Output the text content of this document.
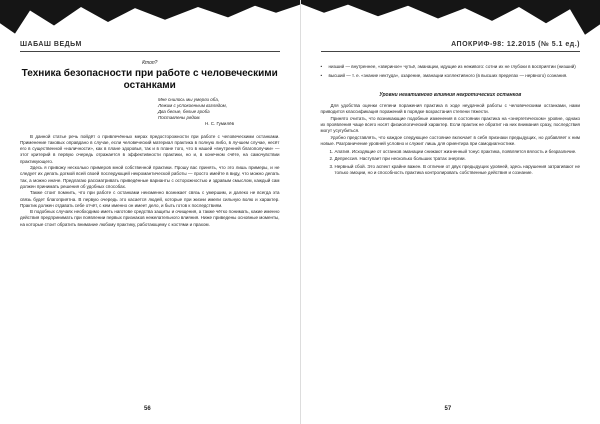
ШАБАШ ВЕДЬМ
Ктоп?
Техника безопасности при работе с человеческими останками
Мне снилось мы умерли оба,
Лежим с успокоенным взглядом,
Два белые, белые гроба
Поставлены рядом.
Н. С. Гумилёв

В данной статье речь пойдёт о привлечённых мерах предосторожности при работе с человеческими останками. Применение таковых оправдано в случае, если человеческий материал практика в полную либо, в лучшем случае, несёт его в существенной «наличности», как в плане здоровья, так и в плане того, что в нашей «внутренней благополучии» — этот критерий в первую очередь отражается в эффективности практики, но и, в конечном счёте, на самочувствии практикующего.

Здесь я привожу несколько примеров мной собственной практики. Прошу вас принять, что это лишь примеры, и не следует их делать догмой всей своей последующей некромантической работы — просто имейте в виду, что можно делать так, а можно иначе. Предлагаю рассматривать приведённые варианты с осторожностью и здравым смыслом, каждый сам должен принимать решения об удобных способах.

Также стоит помнить, что при работе с останками неизменно возникает связь с умершим, и далеко не всегда эта связь будет благоприятна. В первую очередь это касается людей, которые при жизни имели сильную волю и характер. Практик должен отдавать себе отчёт, с кем именно он имеет дело, и быть готов к последствиям.

В подобных случаях необходимо иметь наготове средства защиты и очищения, а также чётко понимать, какие именно действия предпринимать при появлении первых признаков нежелательного влияния. Ниже приведены основные моменты, на которые стоит обратить внимание любому практику, работающему с костями и прахом.

56
АПОКРИФ-98: 12.2015 (№ 5.1 ед.)
• низший — внутреннее, «звериное» чутьё, эманации, идущие из неживого: сотни их не глубоки в восприятии (низший)
• высший — т. е. «знание нектуда», озарение, эманации коллективного (в высших пределах — нервного) сознания.
Уровни негативного влияния некротических останков

Для удобства оценки степени поражения практика в ходе неудачной работы с человеческими останками, нами приводится классификация поражений в порядке возрастания степени тяжести.

Принято считать, что возникающие подобные изменения в состоянии практика на «энергетическом» уровне, однако их проявления чаще всего носят физиологический характер. Если практик не обратит на них внимания сразу, последствия могут усугубиться.

Удобно представлять, что каждое следующее состояние включает в себя признаки предыдущих, но добавляет к ним новые. Разграничение уровней условно и служит лишь для ориентира при самодиагностике.

1. Апатия. Исходящие от останков эманации снижают жизненный тонус практика, появляется вялость и безразличие.
2. Депрессия. Наступает при несколько больших тратах энергии.
3. Нервный сбой. Это аспект крайне важен. В отличие от двух предыдущих уровней, здесь нарушения затрагивают не только эмоции, но и способность практика контролировать собственные действия и сознание.
57
